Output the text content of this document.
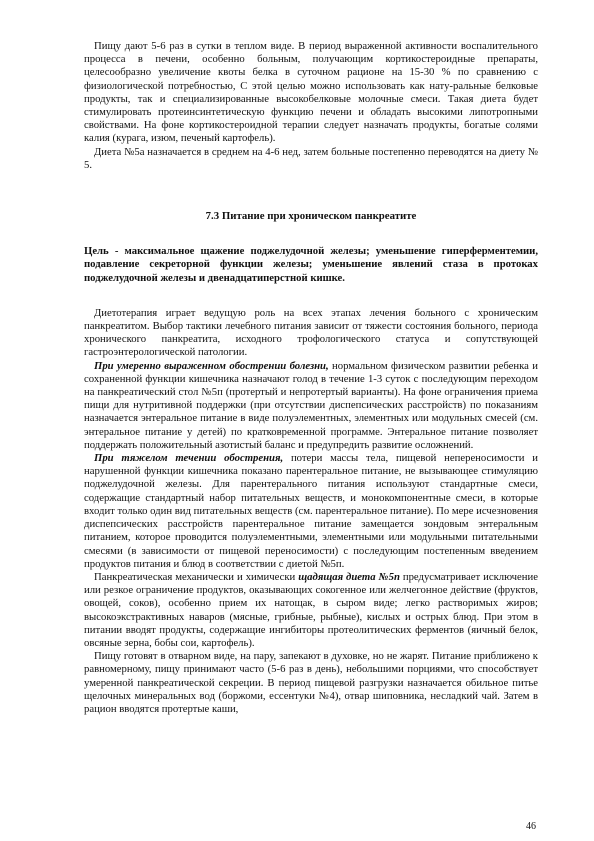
Пищу дают 5-6 раз в сутки в теплом виде. В период выраженной активности воспалительного процесса в печени, особенно больным, получающим кортикостероидные препараты, целесообразно увеличение квоты белка в суточном рационе на 15-30 % по сравнению с физиологической потребностью, С этой целью можно использовать как нату-ральные белковые продукты, так и специализированные высокобелковые молочные смеси. Такая диета будет стимулировать протеинсинтетическую функцию печени и обладать высокими липотропными свойствами. На фоне кортикостероидной терапии следует назначать продукты, богатые солями калия (курага, изюм, печеный картофель).

Диета №5а назначается в среднем на 4-6 нед, затем больные постепенно переводятся на диету № 5.

7.3 Питание при хроническом панкреатите

Цель - максимальное щажение поджелудочной железы; уменьшение гиперферментемии, подавление секреторной функции железы; уменьшение явлений стаза в протоках поджелудочной железы и двенадцатиперстной кишке.

Диетотерапия играет ведущую роль на всех этапах лечения больного с хроническим панкреатитом. Выбор тактики лечебного питания зависит от тяжести состояния больного, периода хронического панкреатита, исходного трофологического статуса и сопутствующей гастроэнтерологической патологии.

При умеренно выраженном обострении болезни, нормальном физическом развитии ребенка и сохраненной функции кишечника назначают голод в течение 1-3 суток с последующим переходом на панкреатический стол №5п (протертый и непротертый варианты). На фоне ограничения приема пищи для нутритивной поддержки (при отсутствии диспепсических расстройств) по показаниям назначается энтеральное питание в виде полуэлементных, элементных или модульных смесей (см. энтеральное питание у детей) по кратковременной программе. Энтеральное питание позволяет поддержать положительный азотистый баланс и предупредить развитие осложнений.

При тяжелом течении обострения, потери массы тела, пищевой непереносимости и нарушенной функции кишечника показано парентеральное питание, не вызывающее стимуляцию поджелудочной железы. Для парентерального питания используют стандартные смеси, содержащие стандартный набор питательных веществ, и монокомпонентные смеси, в которые входит только один вид питательных веществ (см. парентеральное питание). По мере исчезновения диспепсических расстройств парентеральное питание замещается зондовым энтеральным питанием, которое проводится полуэлементными, элементными или модульными питательными смесями (в зависимости от пищевой переносимости) с последующим постепенным введением продуктов питания и блюд в соответствии с диетой №5п.

Панкреатическая механически и химически щадящая диета №5п предусматривает исключение или резкое ограничение продуктов, оказывающих сокогенное или желчегонное действие (фруктов, овощей, соков), особенно прием их натощак, в сыром виде; легко растворимых жиров; высокоэкстрактивных наваров (мясные, грибные, рыбные), кислых и острых блюд. При этом в питании вводят продукты, содержащие ингибиторы протеолитических ферментов (яичный белок, овсяные зерна, бобы сои, картофель).

Пищу готовят в отварном виде, на пару, запекают в духовке, но не жарят. Питание приближено к равномерному, пищу принимают часто (5-6 раз в день), небольшими порциями, что способствует умеренной панкреатической секреции. В период пищевой разгрузки назначается обильное питье щелочных минеральных вод (боржоми, ессентуки №4), отвар шиповника, несладкий чай. Затем в рацион вводятся протертые каши,

46
